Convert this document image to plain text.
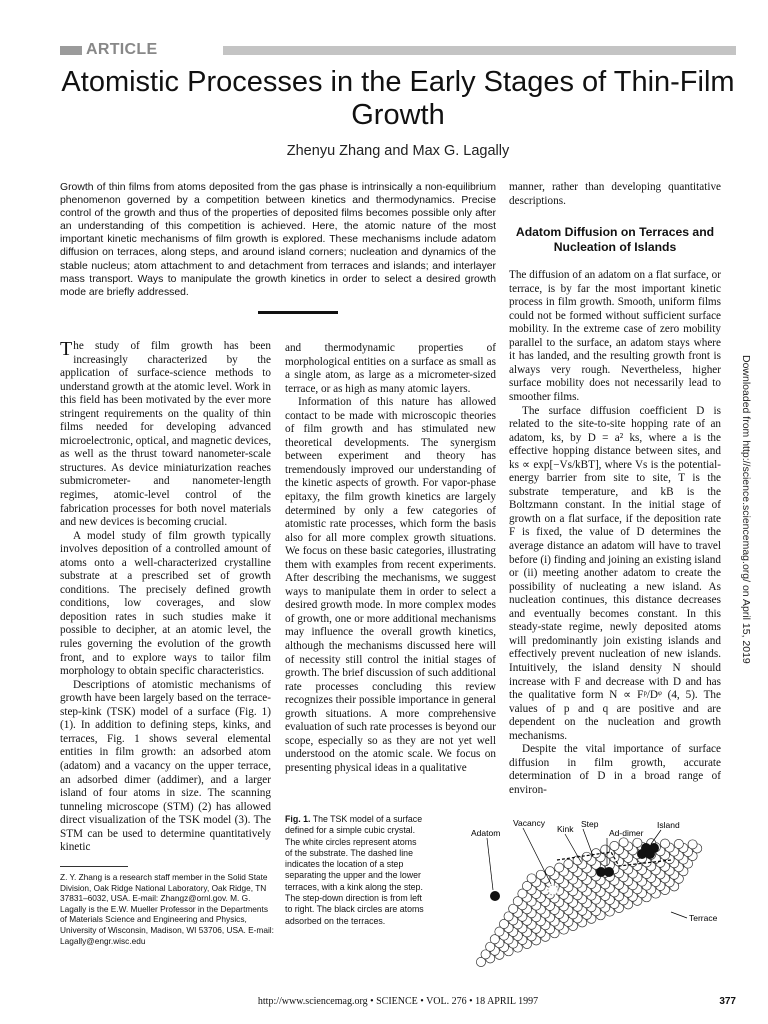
ARTICLE
Atomistic Processes in the Early Stages of Thin-Film Growth
Zhenyu Zhang and Max G. Lagally

Growth of thin films from atoms deposited from the gas phase is intrinsically a non-equilibrium phenomenon governed by a competition between kinetics and thermodynamics. Precise control of the growth and thus of the properties of deposited films becomes possible only after an understanding of this competition is achieved. Here, the atomic nature of the most important kinetic mechanisms of film growth is explored. These mechanisms include adatom diffusion on terraces, along steps, and around island corners; nucleation and dynamics of the stable nucleus; atom attachment to and detachment from terraces and islands; and interlayer mass transport. Ways to manipulate the growth kinetics in order to select a desired growth mode are briefly addressed.

The study of film growth has been increasingly characterized by the application of surface-science methods to understand growth at the atomic level. Work in this field has been motivated by the ever more stringent requirements on the quality of thin films needed for developing advanced microelectronic, optical, and magnetic devices, as well as the thrust toward nanometer-scale structures. As device miniaturization reaches submicrometer- and nanometer-length regimes, atomic-level control of the fabrication processes for both novel materials and new devices is becoming crucial.

A model study of film growth typically involves deposition of a controlled amount of atoms onto a well-characterized crystalline substrate at a prescribed set of growth conditions. The precisely defined growth conditions, low coverages, and slow deposition rates in such studies make it possible to decipher, at an atomic level, the rules governing the evolution of the growth front, and to explore ways to tailor film morphology to obtain specific characteristics.

Descriptions of atomistic mechanisms of growth have been largely based on the terrace-step-kink (TSK) model of a surface (Fig. 1) (1). In addition to defining steps, kinks, and terraces, Fig. 1 shows several elemental entities in film growth: an adsorbed atom (adatom) and a vacancy on the upper terrace, an adsorbed dimer (addimer), and a larger island of four atoms in size. The scanning tunneling microscope (STM) (2) has allowed direct visualization of the TSK model (3). The STM can be used to determine quantitatively kinetic

and thermodynamic properties of morphological entities on a surface as small as a single atom, as large as a micrometer-sized terrace, or as high as many atomic layers.

Information of this nature has allowed contact to be made with microscopic theories of film growth and has stimulated new theoretical developments. The synergism between experiment and theory has tremendously improved our understanding of the kinetic aspects of growth. For vapor-phase epitaxy, the film growth kinetics are largely determined by only a few categories of atomistic rate processes, which form the basis also for all more complex growth situations. We focus on these basic categories, illustrating them with examples from recent experiments. After describing the mechanisms, we suggest ways to manipulate them in order to select a desired growth mode. In more complex modes of growth, one or more additional mechanisms may influence the overall growth kinetics, although the mechanisms discussed here will of necessity still control the initial stages of growth. The brief discussion of such additional rate processes concluding this review recognizes their possible importance in general growth situations. A more comprehensive evaluation of such rate processes is beyond our scope, especially so as they are not yet well understood on the atomic scale. We focus on presenting physical ideas in a qualitative

manner, rather than developing quantitative descriptions.

Adatom Diffusion on Terraces and Nucleation of Islands

The diffusion of an adatom on a flat surface, or terrace, is by far the most important kinetic process in film growth. Smooth, uniform films could not be formed without sufficient surface mobility. In the extreme case of zero mobility parallel to the surface, an adatom stays where it has landed, and the resulting growth front is always very rough. Nevertheless, higher surface mobility does not necessarily lead to smoother films.

The surface diffusion coefficient D is related to the site-to-site hopping rate of an adatom, ks, by D = a² ks, where a is the effective hopping distance between sites, and ks ∝ exp[−Vs/kBT], where Vs is the potential-energy barrier from site to site, T is the substrate temperature, and kB is the Boltzmann constant. In the initial stage of growth on a flat surface, if the deposition rate F is fixed, the value of D determines the average distance an adatom will have to travel before (i) finding and joining an existing island or (ii) meeting another adatom to create the possibility of nucleating a new island. As nucleation continues, this distance decreases and eventually becomes constant. In this steady-state regime, newly deposited atoms will predominantly join existing islands and effectively prevent nucleation of new islands. Intuitively, the island density N should increase with F and decrease with D and has the qualitative form N ∝ Fᵖ/Dᵠ (4, 5). The values of p and q are positive and are dependent on the nucleation and growth mechanisms.

Despite the vital importance of surface diffusion in film growth, accurate determination of D in a broad range of environ-

Z. Y. Zhang is a research staff member in the Solid State Division, Oak Ridge National Laboratory, Oak Ridge, TN 37831–6032, USA. E-mail: Zhangz@ornl.gov. M. G. Lagally is the E.W. Mueller Professor in the Departments of Materials Science and Engineering and Physics, University of Wisconsin, Madison, WI 53706, USA. E-mail: Lagally@engr.wisc.edu
Fig. 1. The TSK model of a surface defined for a simple cubic crystal. The white circles represent atoms of the substrate. The dashed line indicates the location of a step separating the upper and the lower terraces, with a kink along the step. The step-down direction is from left to right. The black circles are atoms adsorbed on the terraces.
Adatom
Vacancy
Kink Step
Ad-dimer
Island
Terrace
Downloaded from http://science.sciencemag.org/ on April 15, 2019
http://www.sciencemag.org • SCIENCE • VOL. 276 • 18 APRIL 1997	377
